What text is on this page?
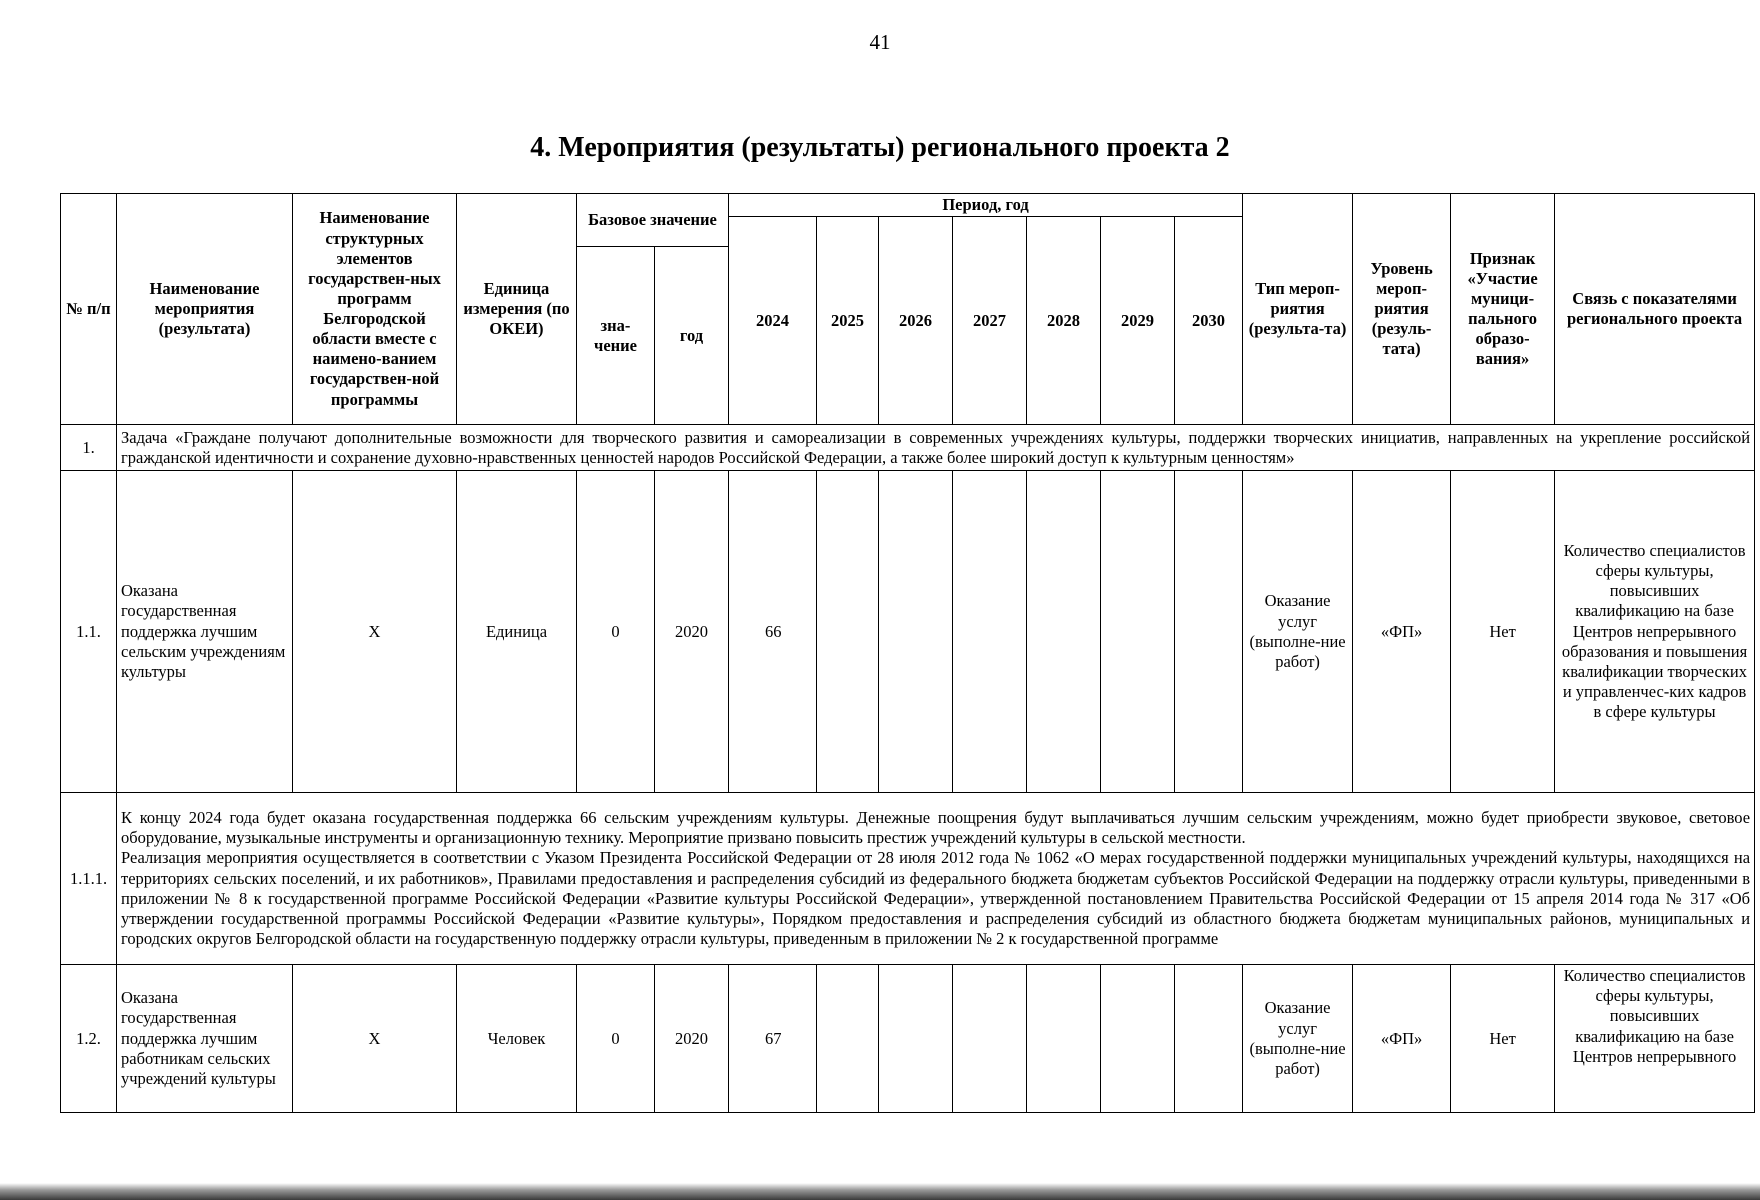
41
4. Мероприятия (результаты) регионального проекта 2
№ п/п	Наименование мероприятия (результата)	Наименование структурных элементов государствен-ных программ Белгородской области вместе с наимено-ванием государствен-ной программы	Единица измерения (по ОКЕИ)	Базовое значение		Период, год							Тип мероп-риятия (результа-та)	Уровень мероп-риятия (резуль-тата)	Признак «Участие муници-пального образо-вания»	Связь с показателями регионального проекта
						2024	2025	2026	2027	2028	2029	2030				
				зна-чение	год											
1.	Задача «Граждане получают дополнительные возможности для творческого развития и самореализации в современных учреждениях культуры, поддержки творческих инициатив, направленных на укрепление российской гражданской идентичности и сохранение духовно-нравственных ценностей народов Российской Федерации, а также более широкий доступ к культурным ценностям»															
1.1.	Оказана государственная поддержка лучшим сельским учреждениям культуры	Х	Единица	0	2020	66							Оказание услуг (выполне-ние работ)	«ФП»	Нет	Количество специалистов сферы культуры, повысивших квалификацию на базе Центров непрерывного образования и повышения квалификации творческих и управленчес-ких кадров в сфере культуры
1.1.1.	К концу 2024 года будет оказана государственная поддержка 66 сельским учреждениям культуры. Денежные поощрения будут выплачиваться лучшим сельским учреждениям, можно будет приобрести звуковое, световое оборудование, музыкальные инструменты и организационную технику. Мероприятие призвано повысить престиж учреждений культуры в сельской местности.

Реализация мероприятия осуществляется в соответствии с Указом Президента Российской Федерации от 28 июля 2012 года № 1062 «О мерах государственной поддержки муниципальных учреждений культуры, находящихся на территориях сельских поселений, и их работников», Правилами предоставления и распределения субсидий из федерального бюджета бюджетам субъектов Российской Федерации на поддержку отрасли культуры, приведенными в приложении № 8 к государственной программе Российской Федерации «Развитие культуры Российской Федерации», утвержденной постановлением Правительства Российской Федерации от 15 апреля 2014 года № 317 «Об утверждении государственной программы Российской Федерации «Развитие культуры», Порядком предоставления и распределения субсидий из областного бюджета бюджетам муниципальных районов, муниципальных и городских округов Белгородской области на государственную поддержку отрасли культуры, приведенным в приложении № 2 к государственной программе															

1.2.	Оказана государственная поддержка лучшим работникам сельских учреждений культуры	Х	Человек	0	2020	67							Оказание услуг (выполне-ние работ)	«ФП»	Нет	Количество специалистов сферы культуры, повысивших квалификацию на базе Центров непрерывного
